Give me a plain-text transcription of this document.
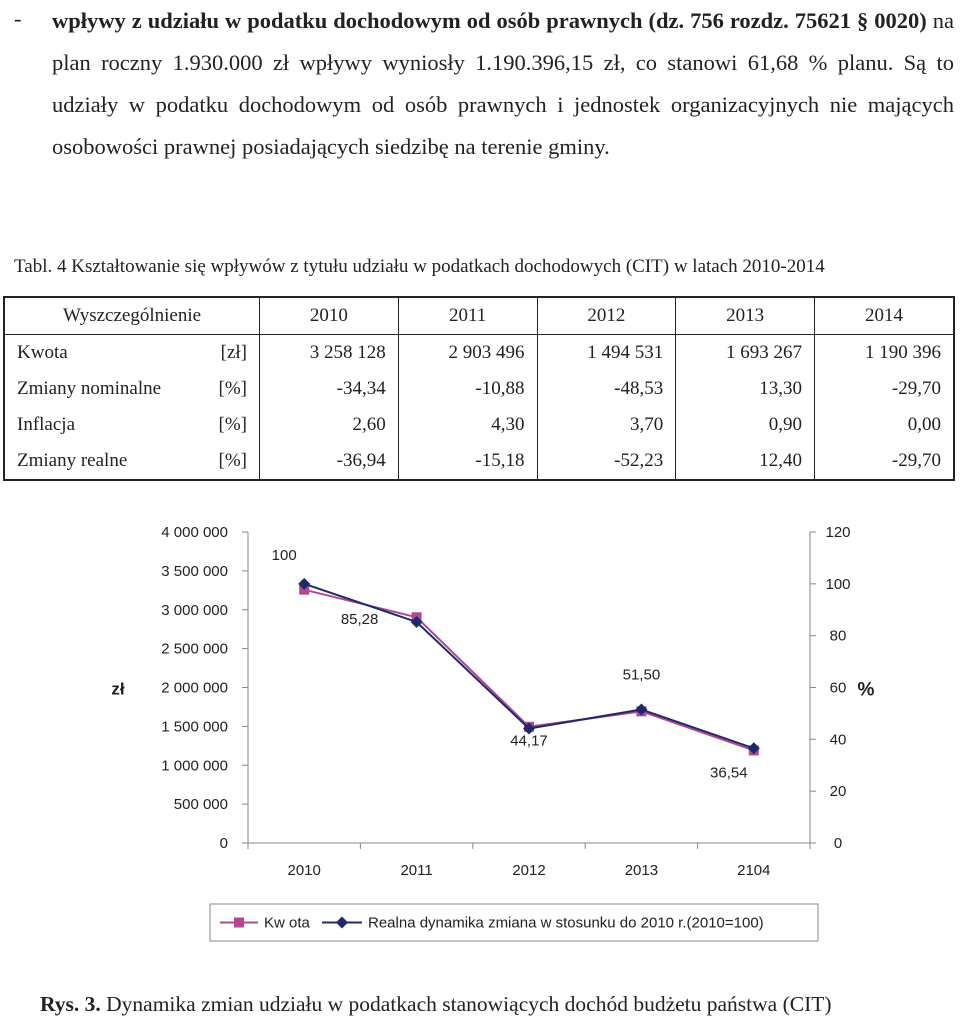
- wpływy z udziału w podatku dochodowym od osób prawnych (dz. 756 rozdz. 75621 § 0020) na plan roczny 1.930.000 zł wpływy wyniosły 1.190.396,15 zł, co stanowi 61,68 % planu. Są to udziały w podatku dochodowym od osób prawnych i jednostek organizacyjnych nie mających osobowości prawnej posiadających siedzibę na terenie gminy.
Tabl. 4 Kształtowanie się wpływów z tytułu udziału w podatkach dochodowych (CIT) w latach 2010-2014
Wyszczególnienie	2010	2011	2012	2013	2014
Kwota [zł]	3 258 128	2 903 496	1 494 531	1 693 267	1 190 396
Zmiany nominalne [%]	-34,34	-10,88	-48,53	13,30	-29,70
Inflacja [%]	2,60	4,30	3,70	0,90	0,00
Zmiany realne [%]	-36,94	-15,18	-52,23	12,40	-29,70
0
500 000
1 000 000
1 500 000
2 000 000
2 500 000
3 000 000
3 500 000
4 000 000
0
20
40
60
80
100
120
2010	2011	2012	2013	2104
zł	%
100
85,28
44,17
51,50
36,54
Kw ota	Realna dynamika zmiana w stosunku do 2010 r.(2010=100)
Rys. 3. Dynamika zmian udziału w podatkach stanowiących dochód budżetu państwa (CIT)
